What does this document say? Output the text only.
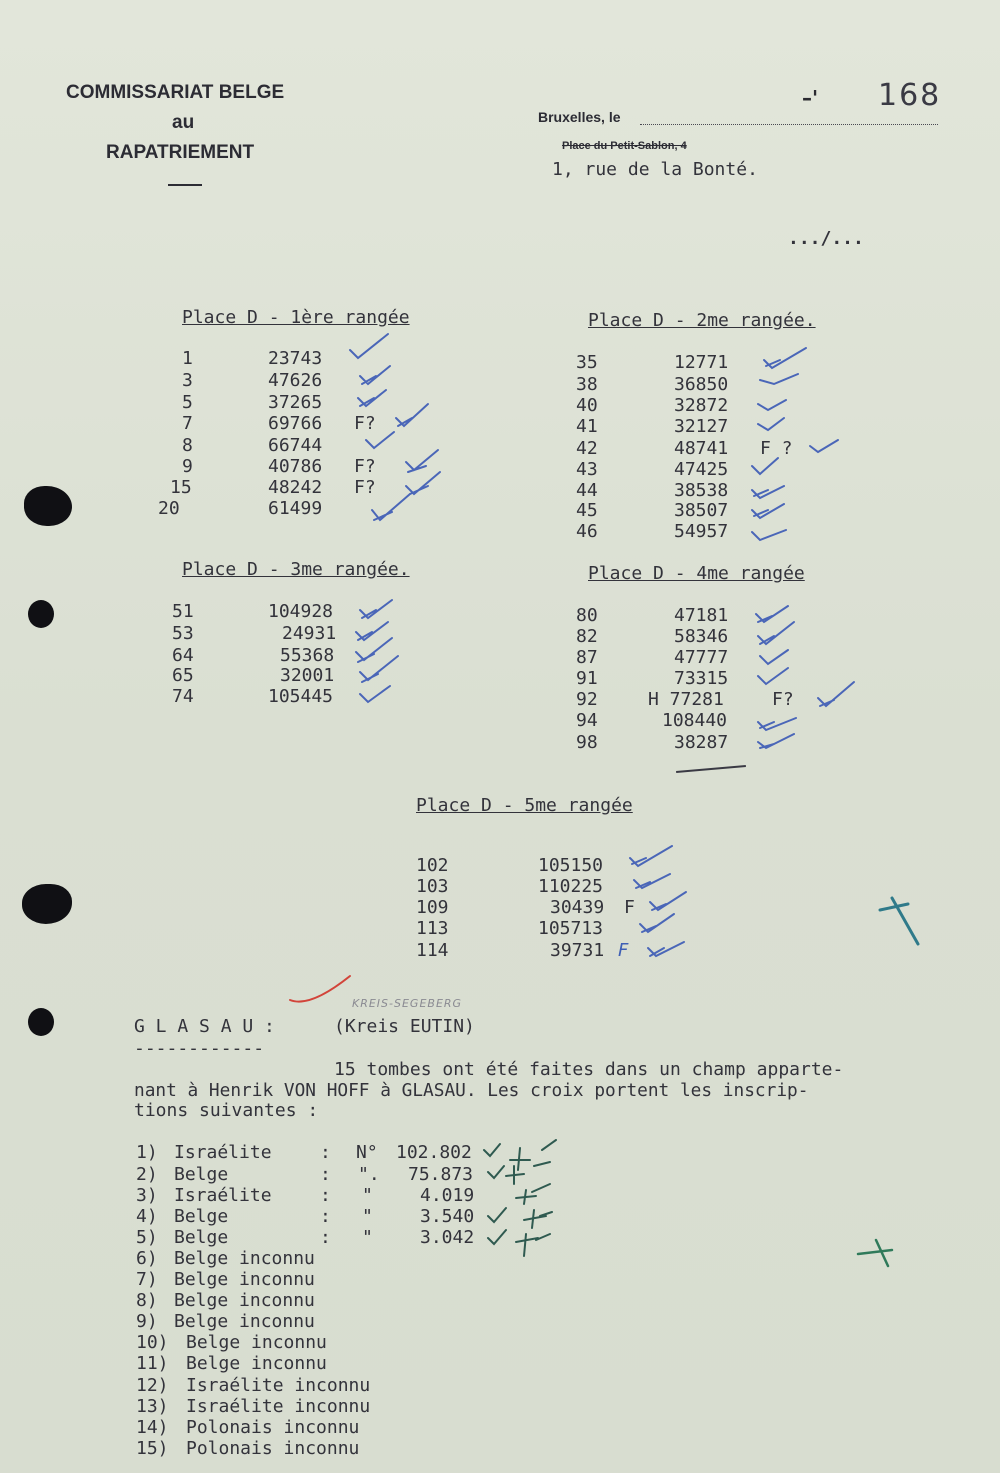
COMMISSARIAT BELGE
au
RAPATRIEMENT
Bruxelles, le
Place du Petit-Sablon, 4
1, rue de la Bonté.
–' 168
.../...
Place D - 1ère rangée
1	23743
3	47626
5	37265
7	69766 F?
8	66744
9	40786 F?
15	48242 F?
20	61499
Place D - 2me rangée.
35	12771
38	36850
40	32872
41	32127
42	48741 F ?
43	47425
44	38538
45	38507
46	54957
Place D - 3me rangée.
51	104928
53	24931
64	55368
65	32001
74	105445
Place D - 4me rangée
80	47181
82	58346
87	47777
91	73315
92	H 77281	F?
94	108440
98	38287
Place D - 5me rangée
102	105150
103	110225
109	30439 F
113	105713
114	39731 F
KREIS-SEGEBERG
G L A S A U :	(Kreis EUTIN)
------------
15 tombes ont été faites dans un champ apparte-
nant à Henrik VON HOFF à GLASAU. Les croix portent les inscrip-
tions suivantes :
1) Israélite	: N° 102.802
2) Belge	: ". 75.873
3) Israélite	: "	4.019
4) Belge	: "	3.540
5) Belge	: "	3.042
6) Belge inconnu
7) Belge inconnu
8) Belge inconnu
9) Belge inconnu
10) Belge inconnu
11) Belge inconnu
12) Israélite inconnu
13) Israélite inconnu
14) Polonais inconnu
15) Polonais inconnu
